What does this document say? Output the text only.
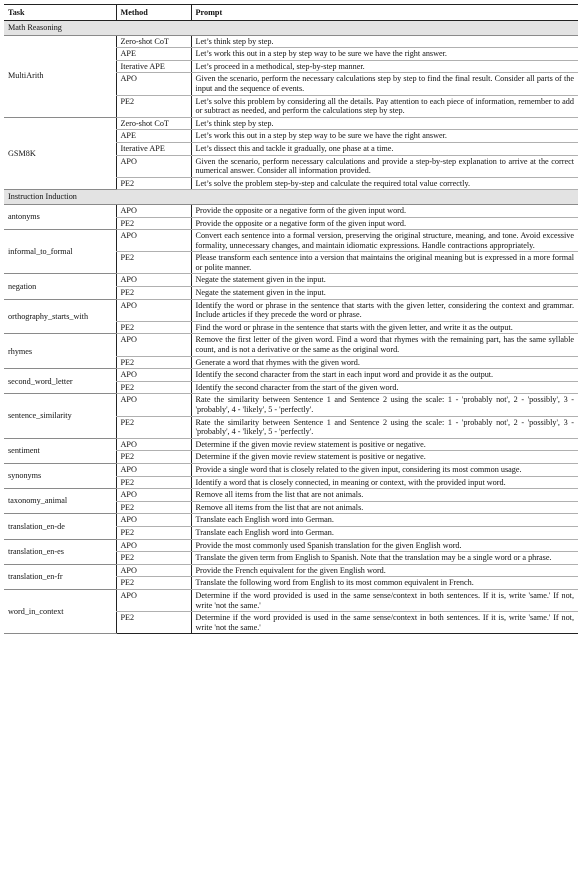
Task	Method	Prompt
Math Reasoning		
MultiArith	Zero-shot CoT	Let’s think step by step.
	APE	Let’s work this out in a step by step way to be sure we have the right answer.
	Iterative APE	Let’s proceed in a methodical, step-by-step manner.
	APO	Given the scenario, perform the necessary calculations step by step to find the final result. Consider all parts of the input and the sequence of events.
	PE2	Let’s solve this problem by considering all the details. Pay attention to each piece of information, remember to add or subtract as needed, and perform the calculations step by step.
GSM8K	Zero-shot CoT	Let’s think step by step.
	APE	Let’s work this out in a step by step way to be sure we have the right answer.
	Iterative APE	Let’s dissect this and tackle it gradually, one phase at a time.
	APO	Given the scenario, perform necessary calculations and provide a step-by-step explanation to arrive at the correct numerical answer. Consider all information provided.
	PE2	Let’s solve the problem step-by-step and calculate the required total value correctly.
Instruction Induction		
antonyms	APO	Provide the opposite or a negative form of the given input word.
	PE2	Provide the opposite or a negative form of the given input word.
informal_to_formal	APO	Convert each sentence into a formal version, preserving the original structure, meaning, and tone. Avoid excessive formality, unnecessary changes, and maintain idiomatic expressions. Handle contractions appropriately.
	PE2	Please transform each sentence into a version that maintains the original meaning but is expressed in a more formal or polite manner.
negation	APO	Negate the statement given in the input.
	PE2	Negate the statement given in the input.
orthography_starts_with	APO	Identify the word or phrase in the sentence that starts with the given letter, considering the context and grammar. Include articles if they precede the word or phrase.
	PE2	Find the word or phrase in the sentence that starts with the given letter, and write it as the output.
rhymes	APO	Remove the first letter of the given word. Find a word that rhymes with the remaining part, has the same syllable count, and is not a derivative or the same as the original word.
	PE2	Generate a word that rhymes with the given word.
second_word_letter	APO	Identify the second character from the start in each input word and provide it as the output.
	PE2	Identify the second character from the start of the given word.
sentence_similarity	APO	Rate the similarity between Sentence 1 and Sentence 2 using the scale: 1 - 'probably not', 2 - 'possibly', 3 - 'probably', 4 - 'likely', 5 - 'perfectly'.
	PE2	Rate the similarity between Sentence 1 and Sentence 2 using the scale: 1 - 'probably not', 2 - 'possibly', 3 - 'probably', 4 - 'likely', 5 - 'perfectly'.
sentiment	APO	Determine if the given movie review statement is positive or negative.
	PE2	Determine if the given movie review statement is positive or negative.
synonyms	APO	Provide a single word that is closely related to the given input, considering its most common usage.
	PE2	Identify a word that is closely connected, in meaning or context, with the provided input word.
taxonomy_animal	APO	Remove all items from the list that are not animals.
	PE2	Remove all items from the list that are not animals.
translation_en-de	APO	Translate each English word into German.
	PE2	Translate each English word into German.
translation_en-es	APO	Provide the most commonly used Spanish translation for the given English word.
	PE2	Translate the given term from English to Spanish. Note that the translation may be a single word or a phrase.
translation_en-fr	APO	Provide the French equivalent for the given English word.
	PE2	Translate the following word from English to its most common equivalent in French.
word_in_context	APO	Determine if the word provided is used in the same sense/context in both sentences. If it is, write 'same.' If not, write 'not the same.'
	PE2	Determine if the word provided is used in the same sense/context in both sentences. If it is, write 'same.' If not, write 'not the same.'
